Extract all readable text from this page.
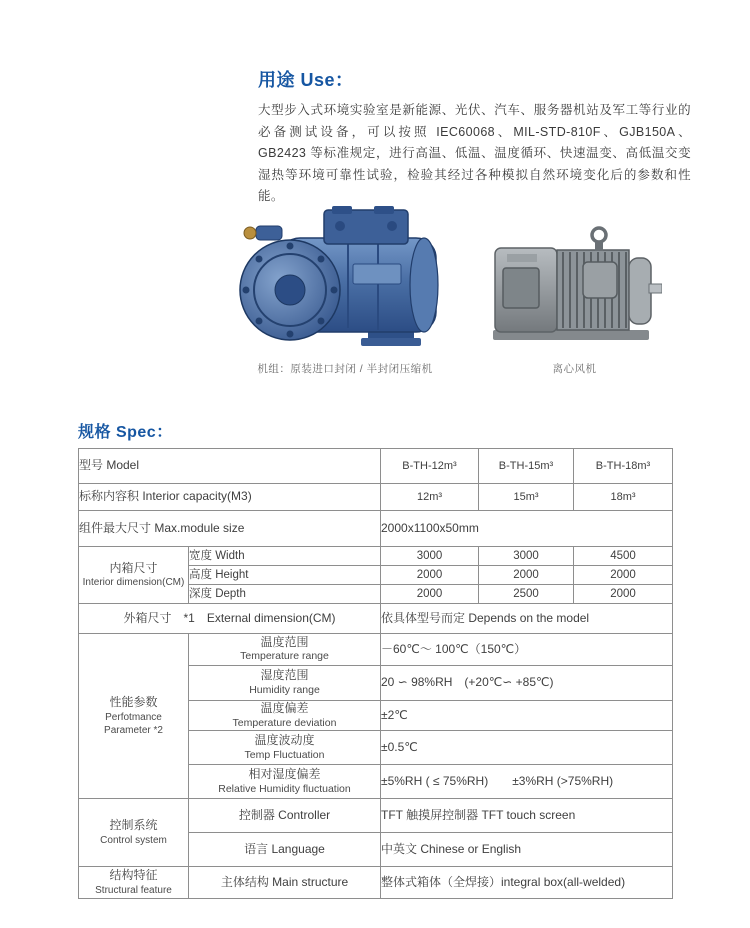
用途 Use：

大型步入式环境实验室是新能源、光伏、汽车、服务器机站及军工等行业的必备测试设备，可以按照 IEC60068、MIL-STD-810F、GJB150A、GB2423 等标准规定，进行高温、低温、温度循环、快速温变、高低温交变湿热等环境可靠性试验，检验其经过各种模拟自然环境变化后的参数和性能。

机组：原装进口封闭 / 半封闭压缩机	离心风机
规格 Spec：
型号 Model		B-TH-12m³	B-TH-15m³	B-TH-18m³
标称内容积 Interior capacity(M3)		12m³	15m³	18m³
组件最大尺寸 Max.module size		2000x1100x50mm		

内箱尺寸
Interior dimension(CM)	宽度 Width	3000	3000	4500
	高度 Height	2000	2000	2000
	深度 Depth	2000	2500	2000
外箱尺寸　*1　External dimension(CM)		依具体型号而定 Depends on the model		

性能参数
Perfotmance
Parameter *2	温度范围
Temperature range	－60℃～ 100℃（150℃）		

	湿度范围
Humidity range	20 ∽ 98%RH　(+20℃∽ +85℃)		

	温度偏差
Temperature deviation	±2℃		

	温度波动度
Temp Fluctuation	±0.5℃		

	相对湿度偏差
Relative Humidity fluctuation	±5%RH ( ≤ 75%RH)　　±3%RH (>75%RH)		

控制系统
Control system	控制器 Controller	TFT 触摸屏控制器 TFT touch screen		
	语言 Language	中英文 Chinese or English		

结构特征
Structural feature	主体结构 Main structure	整体式箱体（全焊接）integral box(all-welded)		
